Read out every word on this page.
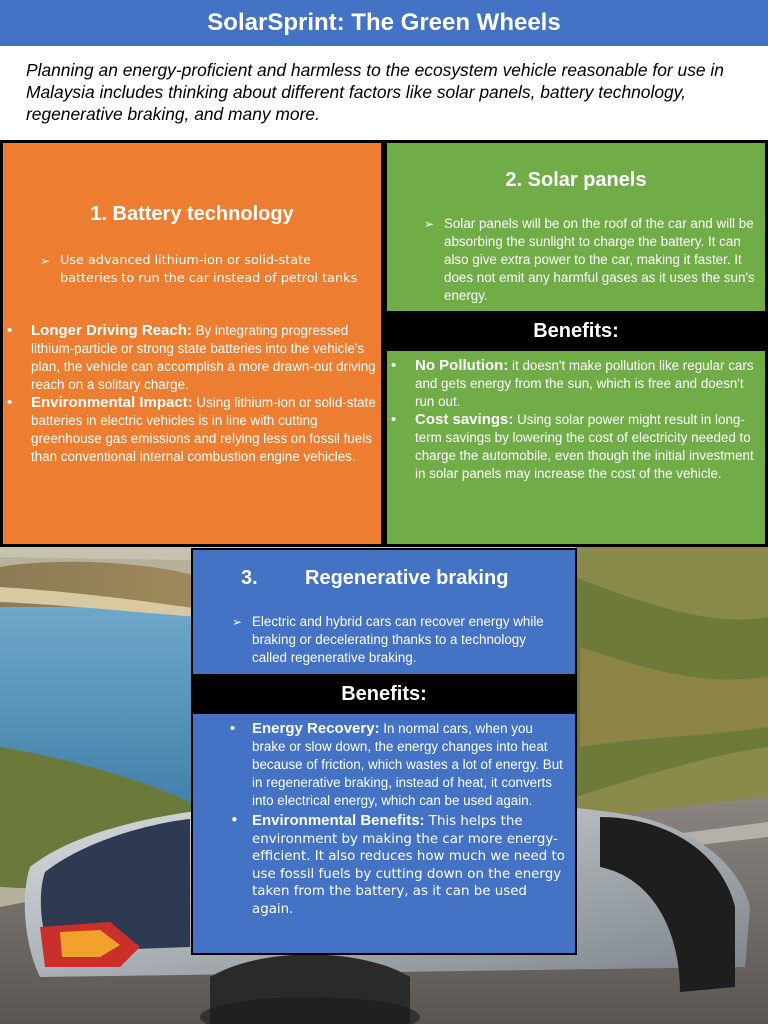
SolarSprint: The Green Wheels

Planning an energy-proficient and harmless to the ecosystem vehicle reasonable for use in Malaysia includes thinking about different factors like solar panels, battery technology, regenerative braking, and many more.

1. Battery technology
➢ Use advanced lithium-ion or solid-state batteries to run the car instead of petrol tanks
• Longer Driving Reach: By integrating progressed lithium-particle or strong state batteries into the vehicle's plan, the vehicle can accomplish a more drawn-out driving reach on a solitary charge.
• Environmental Impact: Using lithium-ion or solid-state batteries in electric vehicles is in line with cutting greenhouse gas emissions and relying less on fossil fuels than conventional internal combustion engine vehicles.
2. Solar panels
➢ Solar panels will be on the roof of the car and will be absorbing the sunlight to charge the battery. It can also give extra power to the car, making it faster. It does not emit any harmful gases as it uses the sun's energy.
Benefits:
• No Pollution: it doesn't make pollution like regular cars and gets energy from the sun, which is free and doesn't run out.
• Cost savings: Using solar power might result in long-term savings by lowering the cost of electricity needed to charge the automobile, even though the initial investment in solar panels may increase the cost of the vehicle.
3. Regenerative braking
➢ Electric and hybrid cars can recover energy while braking or decelerating thanks to a technology called regenerative braking.
Benefits:
• Energy Recovery: In normal cars, when you brake or slow down, the energy changes into heat because of friction, which wastes a lot of energy. But in regenerative braking, instead of heat, it converts into electrical energy, which can be used again.
• Environmental Benefits: This helps the environment by making the car more energy-efficient. It also reduces how much we need to use fossil fuels by cutting down on the energy taken from the battery, as it can be used again.
